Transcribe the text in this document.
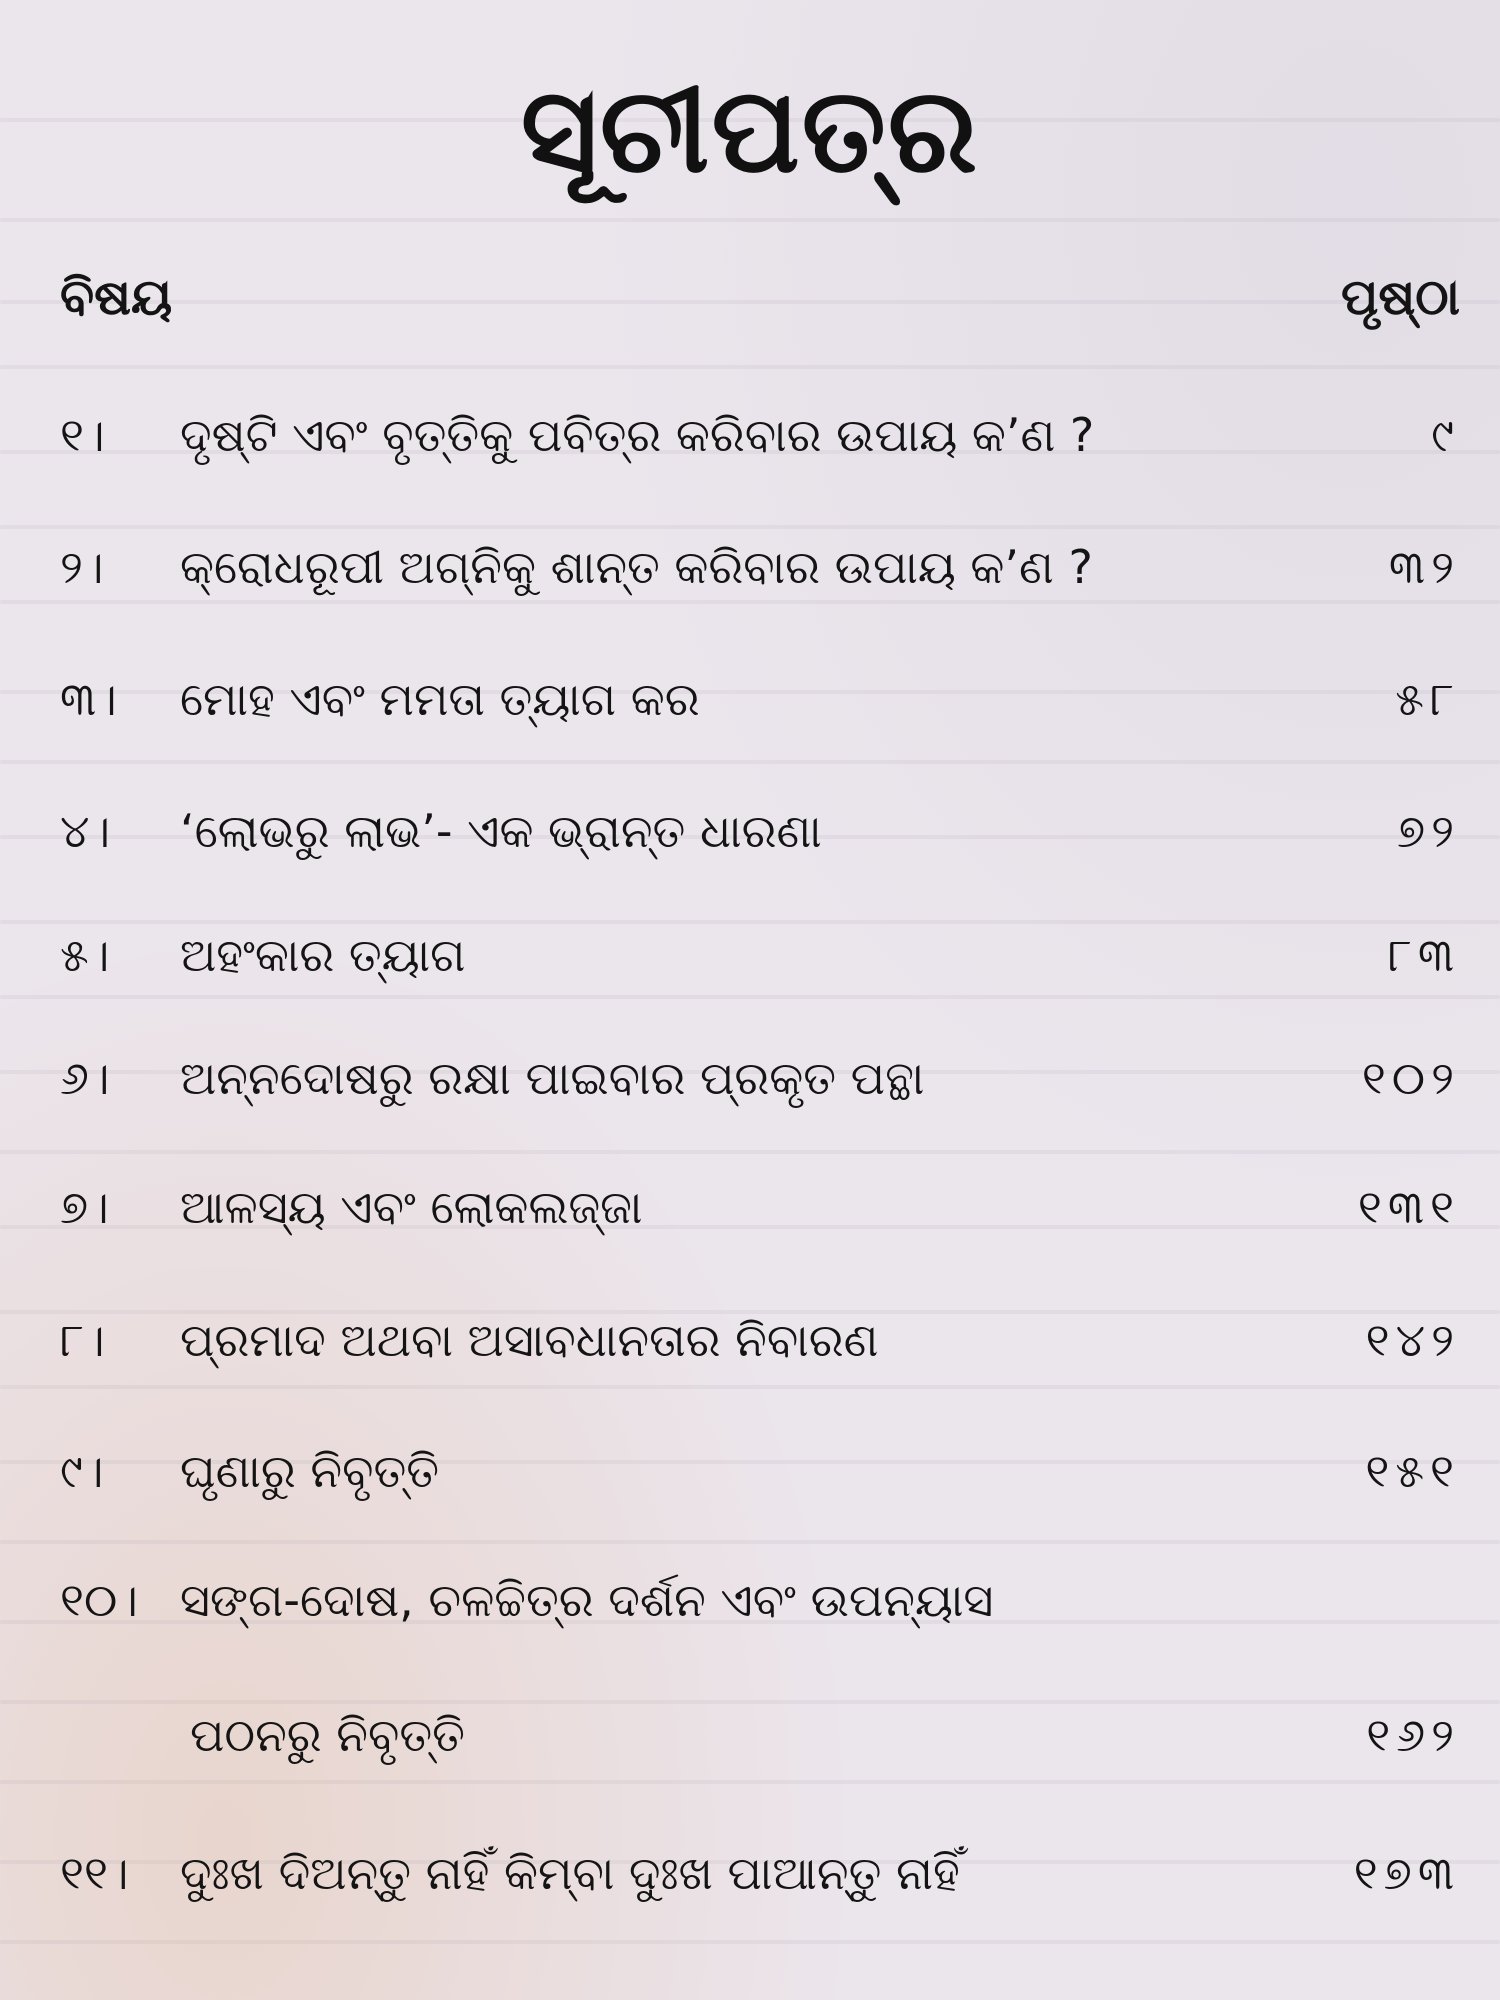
ସୂଚୀପତ୍ର
ବିଷୟ	ପୃଷ୍ଠା
୧। ଦୃଷ୍ଟି ଏବଂ ବୃତ୍ତିକୁ ପବିତ୍ର କରିବାର ଉପାୟ କ’ଣ ?	୯
୨। କ୍ରୋଧରୂପୀ ଅଗ୍ନିକୁ ଶାନ୍ତ କରିବାର ଉପାୟ କ’ଣ ?	୩୨
୩। ମୋହ ଏବଂ ମମତା ତ୍ୟାଗ କର	୫୮
୪। ‘ଲୋଭରୁ ଲାଭ’- ଏକ ଭ୍ରାନ୍ତ ଧାରଣା	୭୨
୫। ଅହଂକାର ତ୍ୟାଗ	୮୩
୬। ଅନ୍ନଦୋଷରୁ ରକ୍ଷା ପାଇବାର ପ୍ରକୃତ ପନ୍ଥା	୧୦୨
୭। ଆଳସ୍ୟ ଏବଂ ଲୋକଲଜ୍ଜା	୧୩୧
୮। ପ୍ରମାଦ ଅଥବା ଅସାବଧାନତାର ନିବାରଣ	୧୪୨
୯। ଘୃଣାରୁ ନିବୃତ୍ତି	୧୫୧
୧୦। ସଙ୍ଗ-ଦୋଷ, ଚଳଚ୍ଚିତ୍ର ଦର୍ଶନ ଏବଂ ଉପନ୍ୟାସ
ପଠନରୁ ନିବୃତ୍ତି	୧୬୨
୧୧। ଦୁଃଖ ଦିଅନ୍ତୁ ନାହିଁ କିମ୍ବା ଦୁଃଖ ପାଆନ୍ତୁ ନାହିଁ	୧୭୩
